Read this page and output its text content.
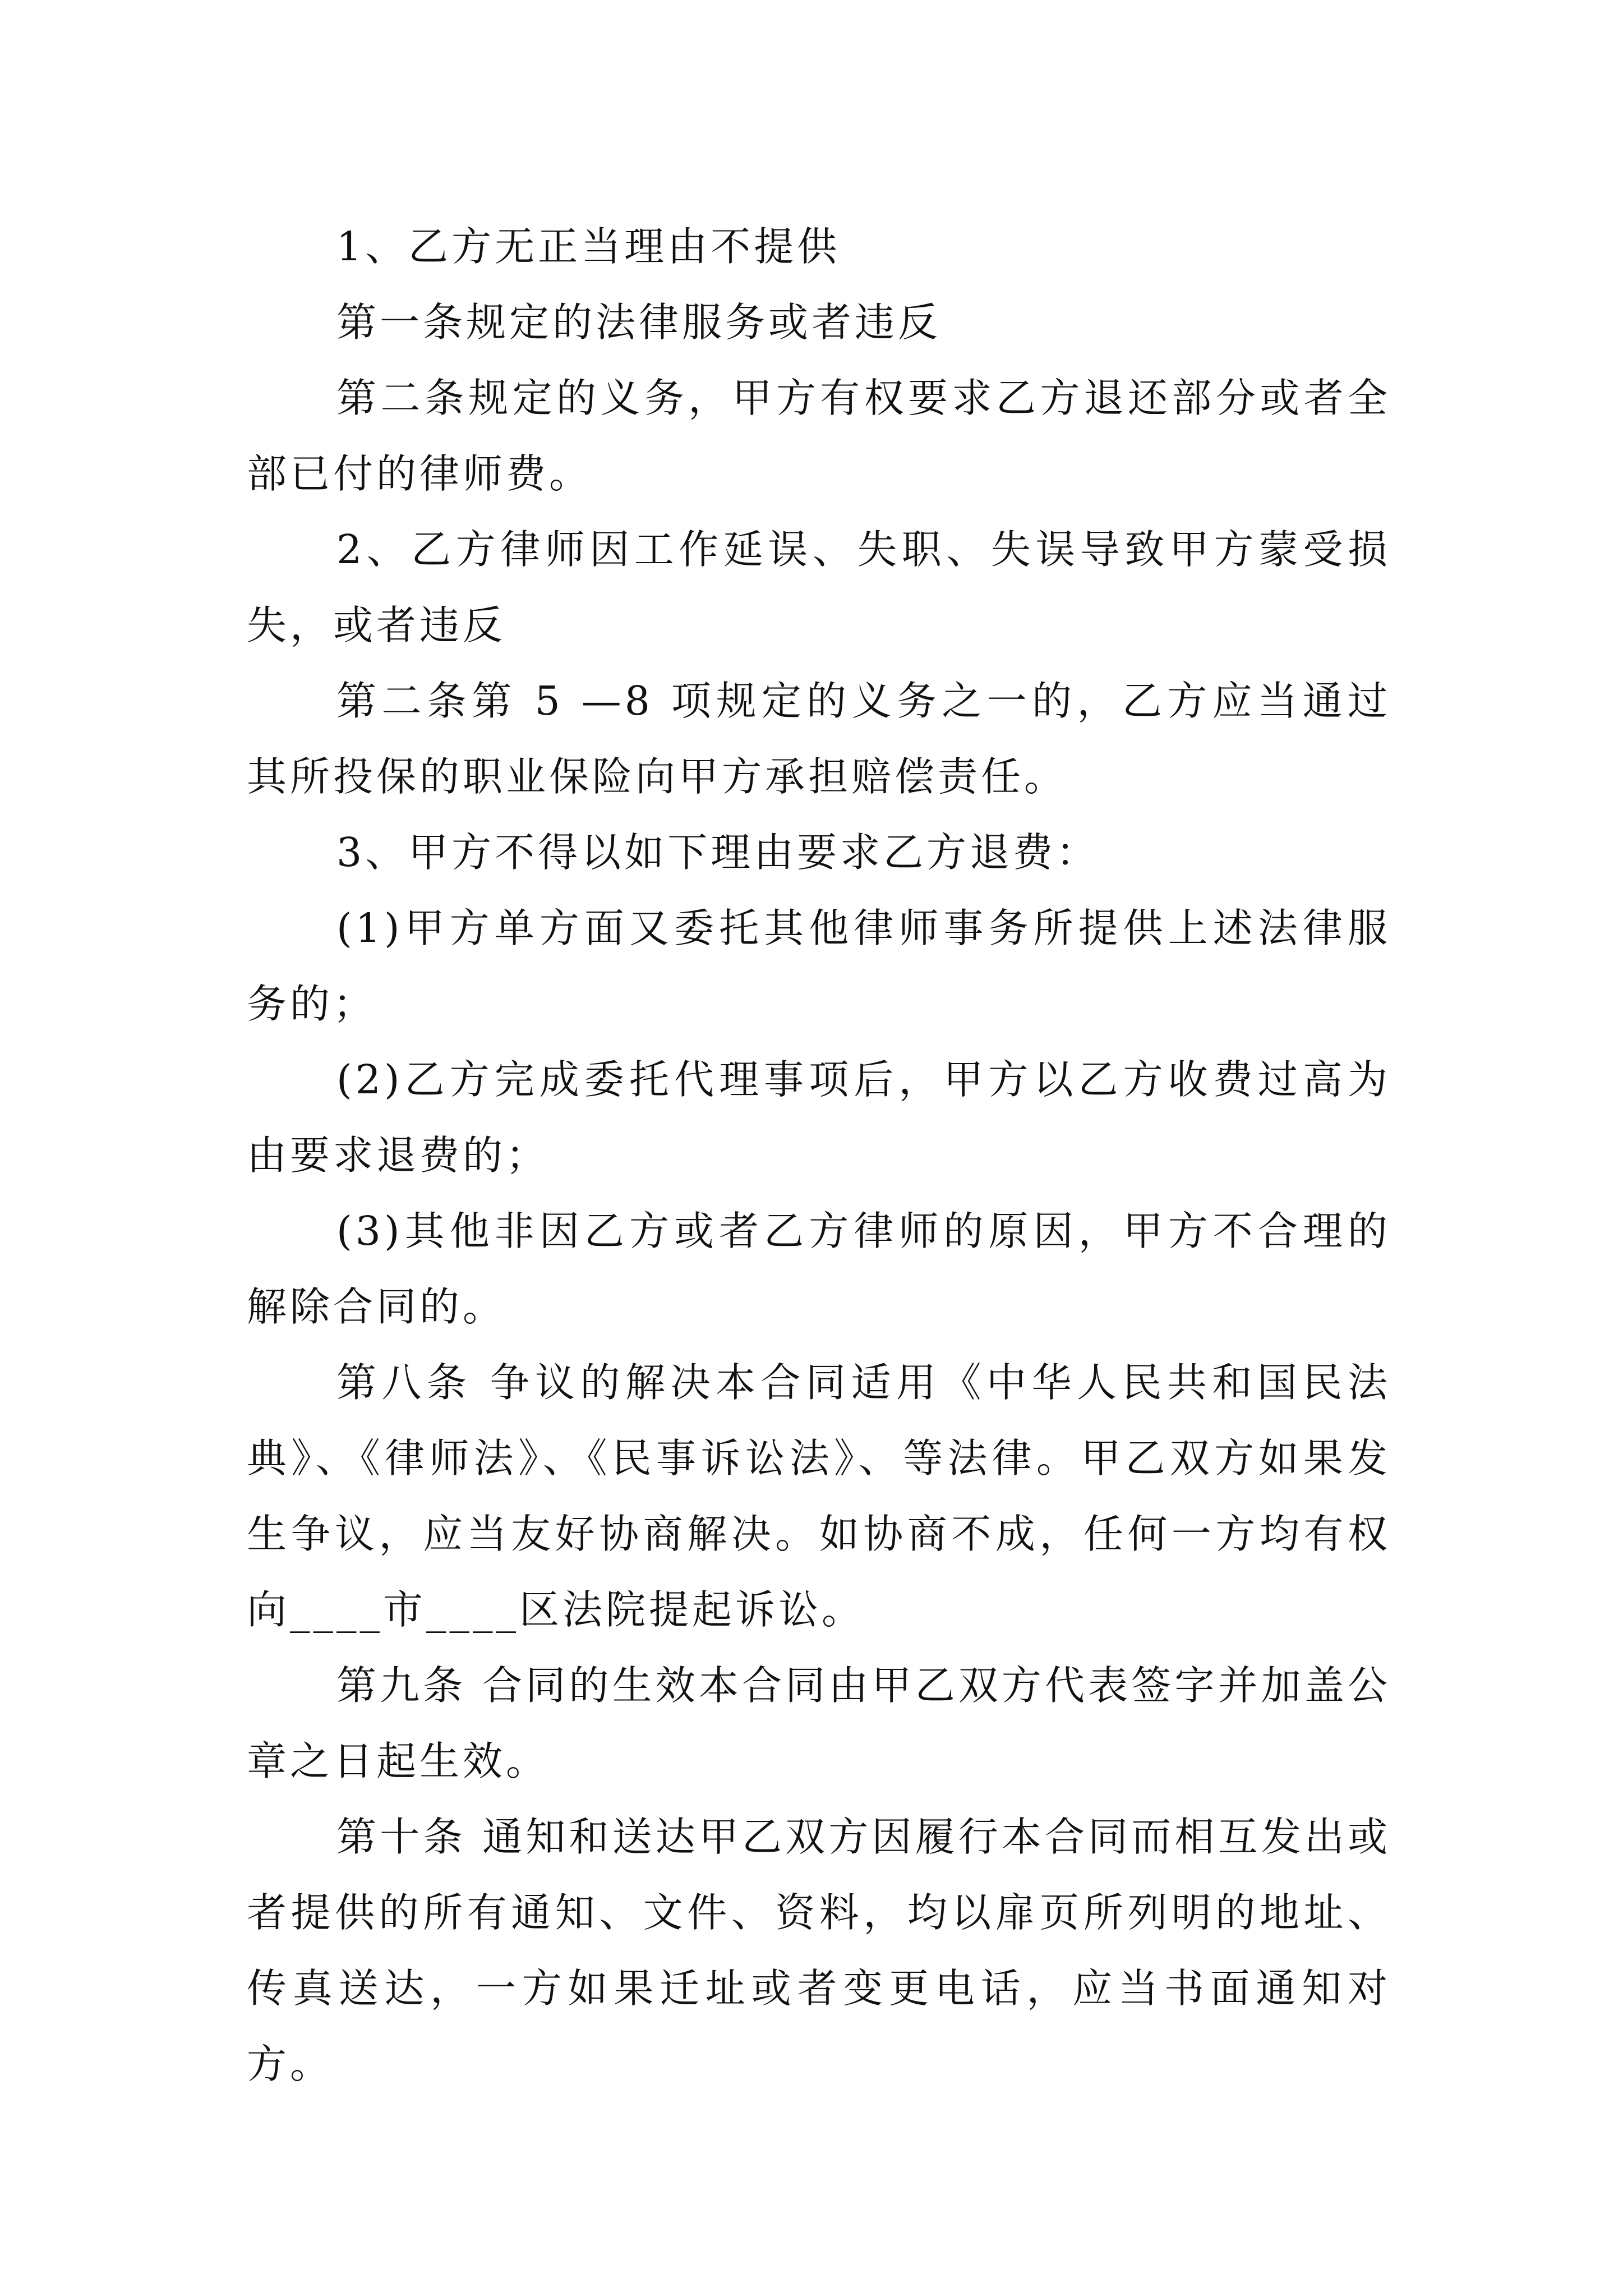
1、乙方无正当理由不提供

第一条规定的法律服务或者违反

第二条规定的义务，甲方有权要求乙方退还部分或者全部已付的律师费。

2、乙方律师因工作延误、失职、失误导致甲方蒙受损失，或者违反

第二条第 5 —8 项规定的义务之一的，乙方应当通过其所投保的职业保险向甲方承担赔偿责任。

3、甲方不得以如下理由要求乙方退费：

(1)甲方单方面又委托其他律师事务所提供上述法律服务的；

(2)乙方完成委托代理事项后，甲方以乙方收费过高为由要求退费的；

(3)其他非因乙方或者乙方律师的原因，甲方不合理的解除合同的。

第八条 争议的解决本合同适用《中华人民共和国民法典》、《律师法》、《民事诉讼法》、等法律。甲乙双方如果发生争议，应当友好协商解决。如协商不成，任何一方均有权向____市____区法院提起诉讼。

第九条 合同的生效本合同由甲乙双方代表签字并加盖公章之日起生效。

第十条 通知和送达甲乙双方因履行本合同而相互发出或者提供的所有通知、文件、资料，均以扉页所列明的地址、传真送达，一方如果迁址或者变更电话，应当书面通知对方。
